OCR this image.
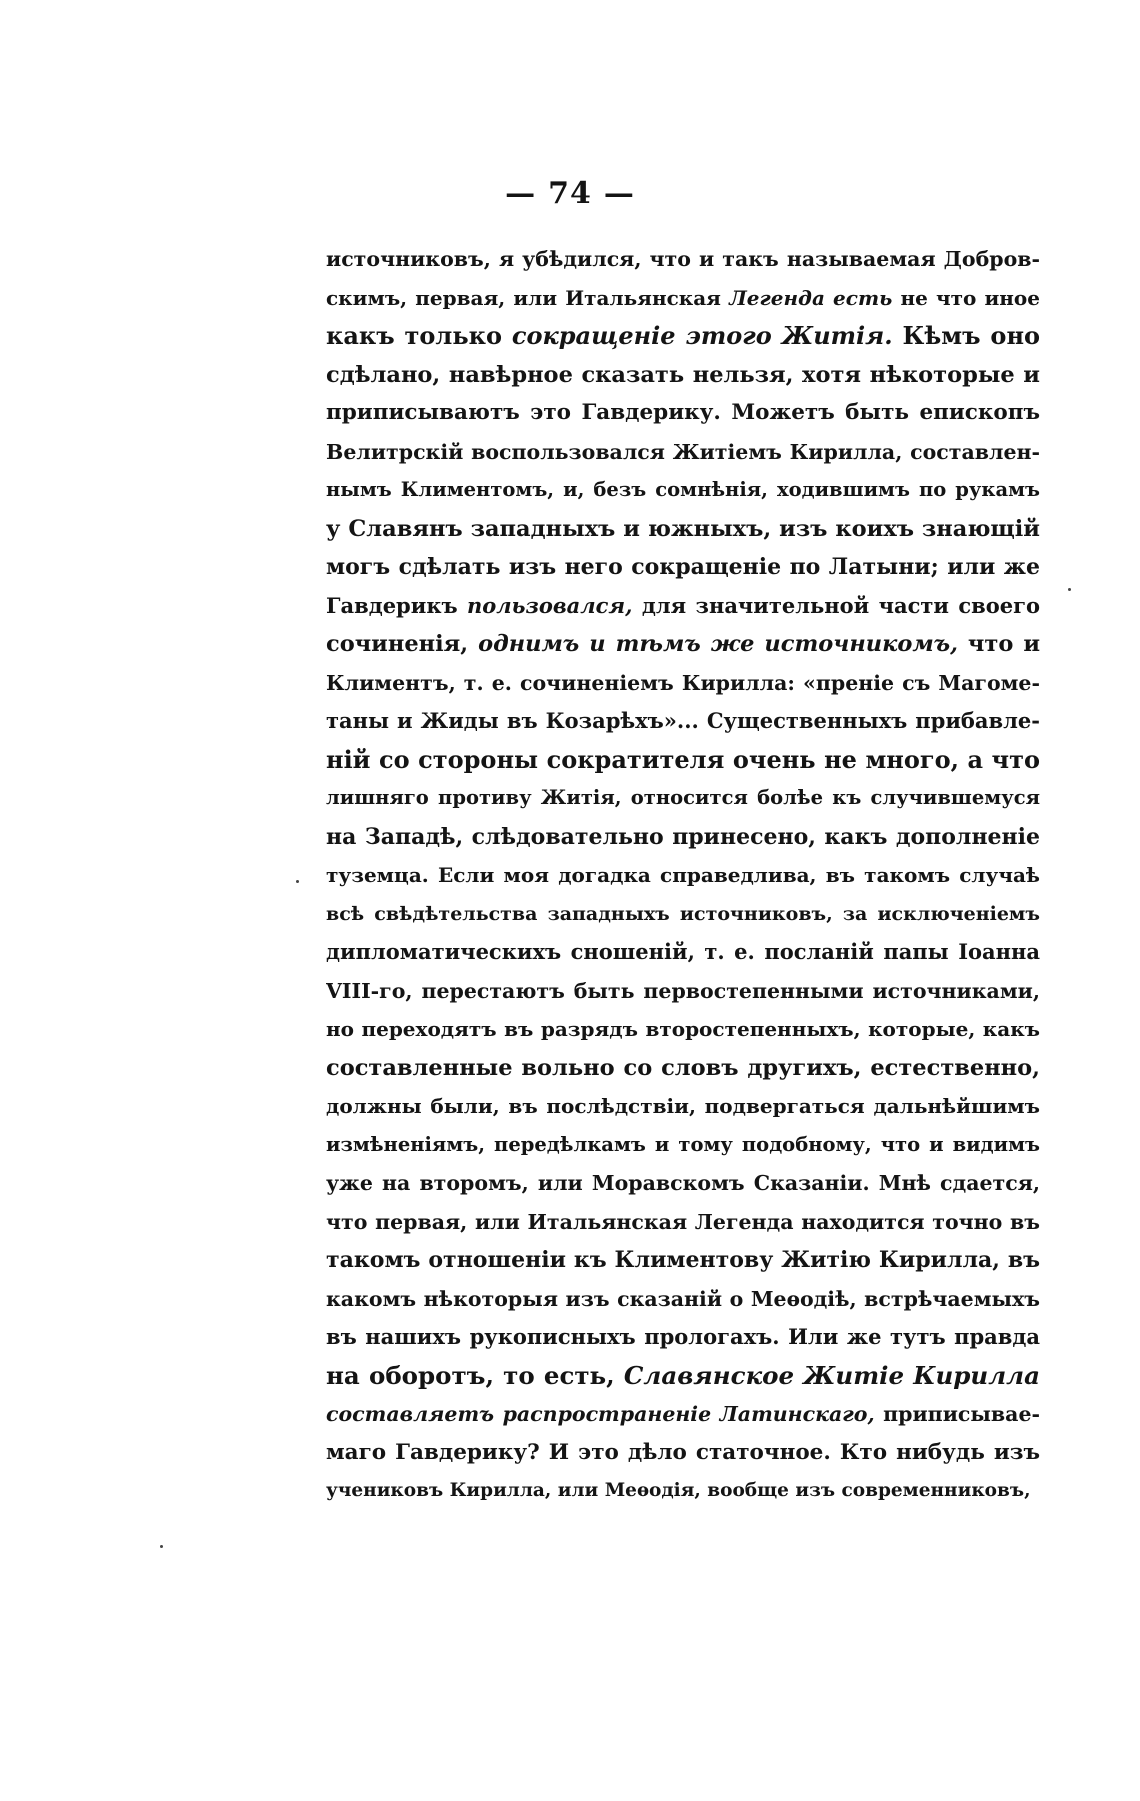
— 74 —
источниковъ, я убѣдился, что и такъ называемая Добров-
скимъ, первая, или Итальянская Легенда есть не что иное
какъ только сокращеніе этого Житія. Кѣмъ оно
сдѣлано, навѣрное сказать нельзя, хотя нѣкоторые и
приписываютъ это Гавдерику. Можетъ быть епископъ
Велитрскій воспользовался Житіемъ Кирилла, составлен-
нымъ Климентомъ, и, безъ сомнѣнія, ходившимъ по рукамъ
у Славянъ западныхъ и южныхъ, изъ коихъ знающій
могъ сдѣлать изъ него сокращеніе по Латыни; или же
Гавдерикъ пользовался, для значительной части своего
сочиненія, однимъ и тѣмъ же источникомъ, что и
Климентъ, т. е. сочиненіемъ Кирилла: «преніе съ Магоме-
таны и Жиды въ Козарѣхъ»... Существенныхъ прибавле-
ній со стороны сократителя очень не много, а что
лишняго противу Житія, относится болѣе къ случившемуся
на Западѣ, слѣдовательно принесено, какъ дополненіе
туземца. Если моя догадка справедлива, въ такомъ случаѣ
всѣ свѣдѣтельства западныхъ источниковъ, за исключеніемъ
дипломатическихъ сношеній, т. е. посланій папы Іоанна
VIII-го, перестаютъ быть первостепенными источниками,
но переходятъ въ разрядъ второстепенныхъ, которые, какъ
составленные вольно со словъ другихъ, естественно,
должны были, въ послѣдствіи, подвергаться дальнѣйшимъ
измѣненіямъ, передѣлкамъ и тому подобному, что и видимъ
уже на второмъ, или Моравскомъ Сказаніи. Мнѣ сдается,
что первая, или Итальянская Легенда находится точно въ
такомъ отношеніи къ Климентову Житію Кирилла, въ
какомъ нѣкоторыя изъ сказаній о Меѳодіѣ, встрѣчаемыхъ
въ нашихъ рукописныхъ прологахъ. Или же тутъ правда
на оборотъ, то есть, Славянское Житіе Кирилла
составляетъ распространеніе Латинскаго, приписывае-
маго Гавдерику? И это дѣло статочное. Кто нибудь изъ
учениковъ Кирилла, или Меѳодія, вообще изъ современниковъ,
